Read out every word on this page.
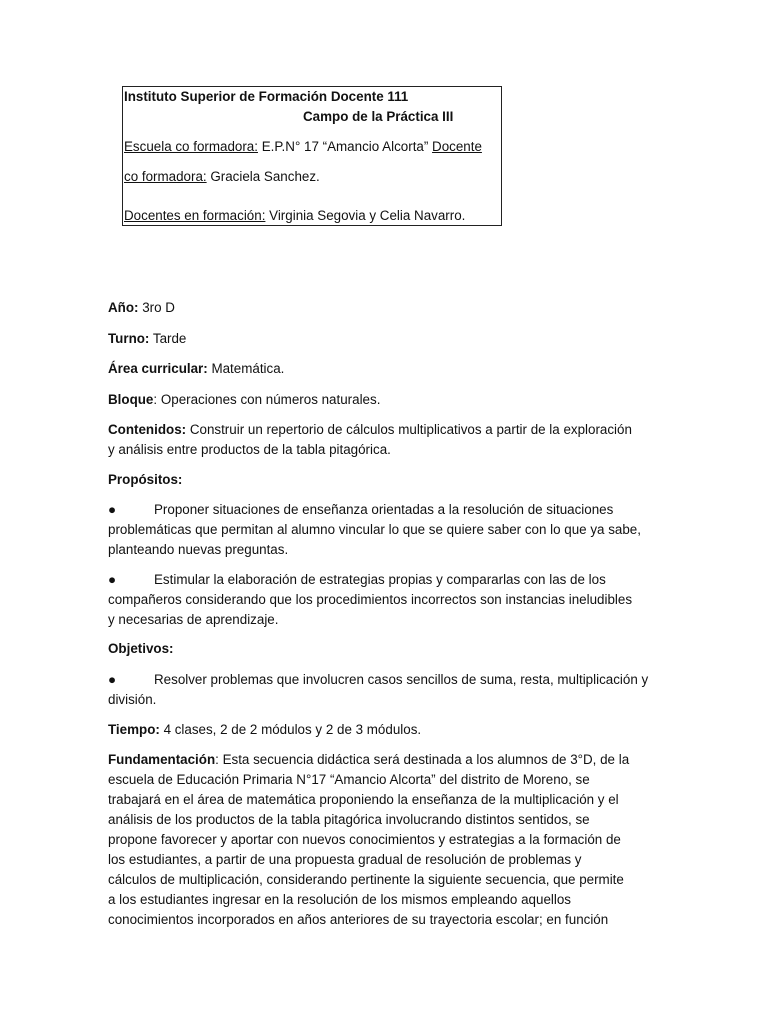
Instituto Superior de Formación Docente 111
Campo de la Práctica III
Escuela co formadora: E.P.N° 17 “Amancio Alcorta” Docente
co formadora: Graciela Sanchez.
Docentes en formación: Virginia Segovia y Celia Navarro.
Año: 3ro D
Turno: Tarde
Área curricular: Matemática.
Bloque: Operaciones con números naturales.
Contenidos: Construir un repertorio de cálculos multiplicativos a partir de la exploración
y análisis entre productos de la tabla pitagórica.
Propósitos:
●	Proponer situaciones de enseñanza orientadas a la resolución de situaciones
problemáticas que permitan al alumno vincular lo que se quiere saber con lo que ya sabe,
planteando nuevas preguntas.
●	Estimular la elaboración de estrategias propias y compararlas con las de los
compañeros considerando que los procedimientos incorrectos son instancias ineludibles
y necesarias de aprendizaje.
Objetivos:
●	Resolver problemas que involucren casos sencillos de suma, resta, multiplicación y
división.
Tiempo: 4 clases, 2 de 2 módulos y 2 de 3 módulos.
Fundamentación: Esta secuencia didáctica será destinada a los alumnos de 3°D, de la
escuela de Educación Primaria N°17 “Amancio Alcorta” del distrito de Moreno, se
trabajará en el área de matemática proponiendo la enseñanza de la multiplicación y el
análisis de los productos de la tabla pitagórica involucrando distintos sentidos, se
propone favorecer y aportar con nuevos conocimientos y estrategias a la formación de
los estudiantes, a partir de una propuesta gradual de resolución de problemas y
cálculos de multiplicación, considerando pertinente la siguiente secuencia, que permite
a los estudiantes ingresar en la resolución de los mismos empleando aquellos
conocimientos incorporados en años anteriores de su trayectoria escolar; en función
